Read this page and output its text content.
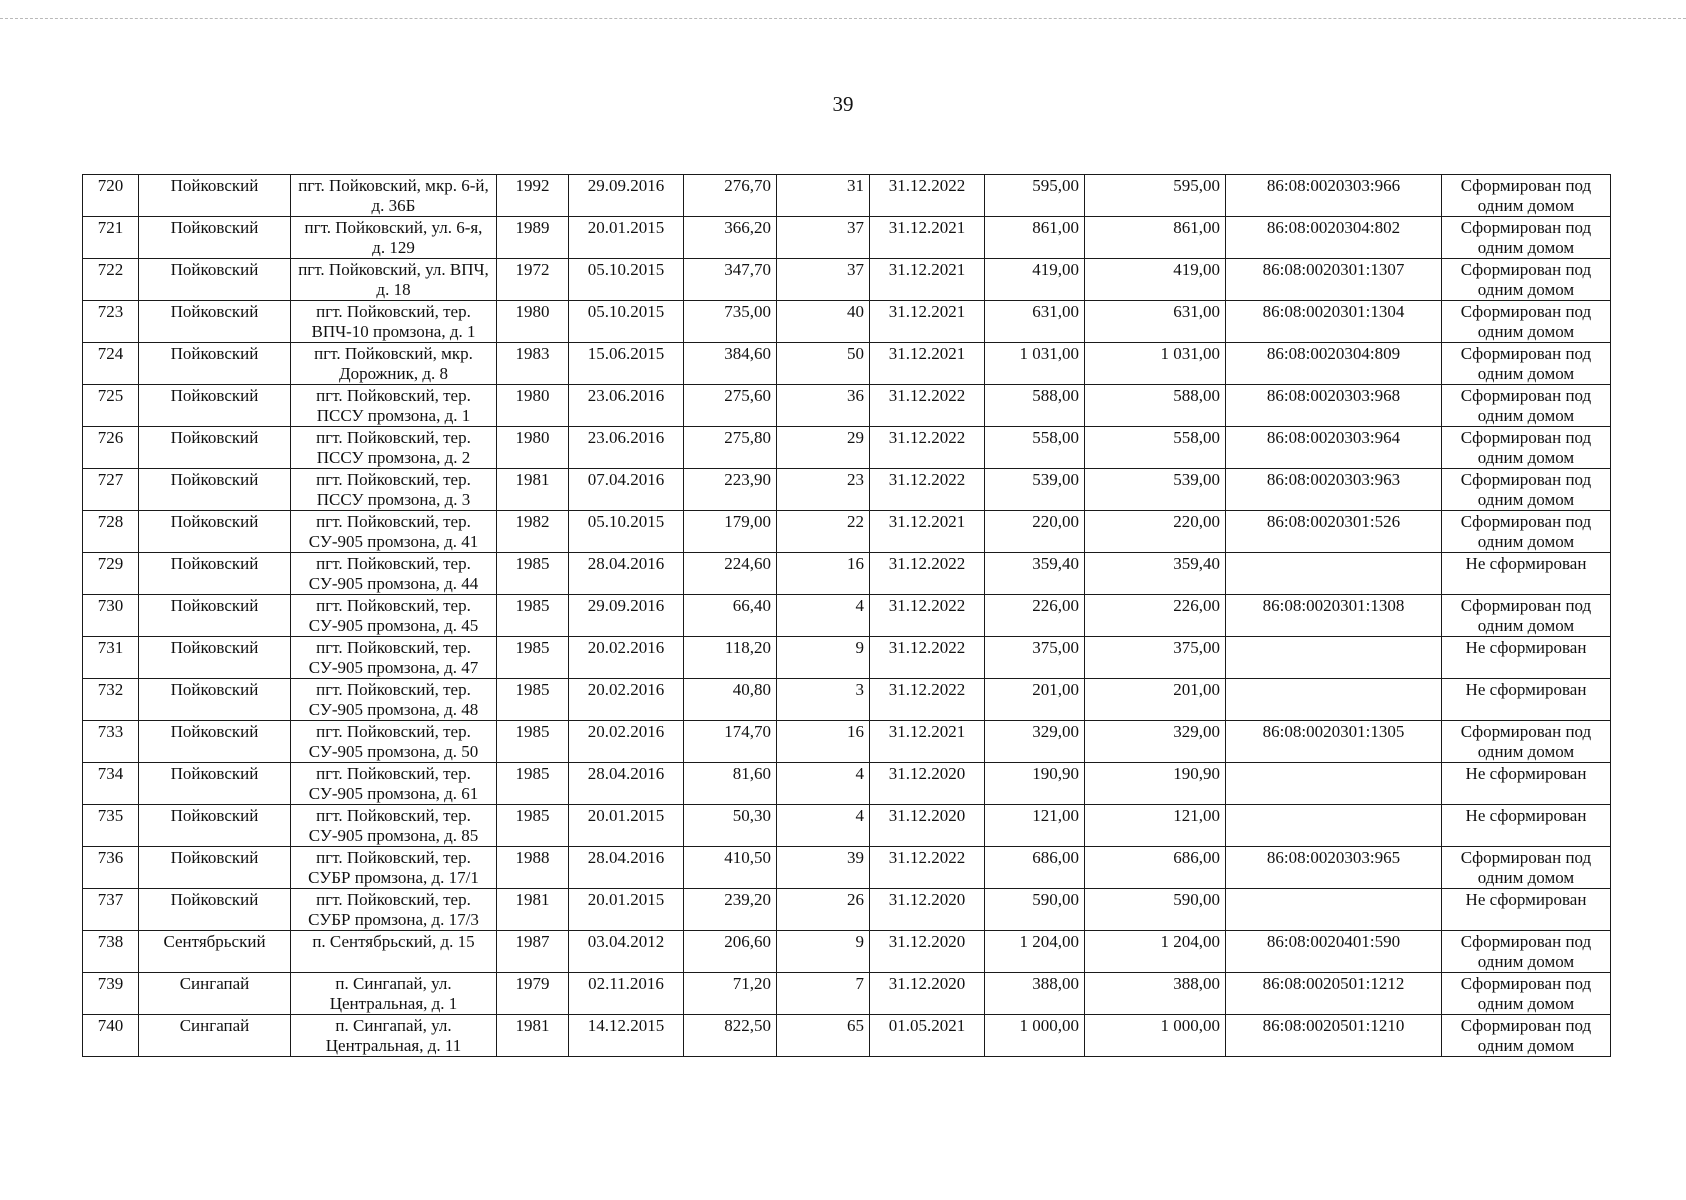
39
720	Пойковский	пгт. Пойковский, мкр. 6-й, д. 36Б	1992	29.09.2016	276,70	31	31.12.2022	595,00	595,00	86:08:0020303:966	Сформирован под одним домом
721	Пойковский	пгт. Пойковский, ул. 6-я, д. 129	1989	20.01.2015	366,20	37	31.12.2021	861,00	861,00	86:08:0020304:802	Сформирован под одним домом
722	Пойковский	пгт. Пойковский, ул. ВПЧ, д. 18	1972	05.10.2015	347,70	37	31.12.2021	419,00	419,00	86:08:0020301:1307	Сформирован под одним домом
723	Пойковский	пгт. Пойковский, тер. ВПЧ-10 промзона, д. 1	1980	05.10.2015	735,00	40	31.12.2021	631,00	631,00	86:08:0020301:1304	Сформирован под одним домом
724	Пойковский	пгт. Пойковский, мкр. Дорожник, д. 8	1983	15.06.2015	384,60	50	31.12.2021	1 031,00	1 031,00	86:08:0020304:809	Сформирован под одним домом
725	Пойковский	пгт. Пойковский, тер. ПССУ промзона, д. 1	1980	23.06.2016	275,60	36	31.12.2022	588,00	588,00	86:08:0020303:968	Сформирован под одним домом
726	Пойковский	пгт. Пойковский, тер. ПССУ промзона, д. 2	1980	23.06.2016	275,80	29	31.12.2022	558,00	558,00	86:08:0020303:964	Сформирован под одним домом
727	Пойковский	пгт. Пойковский, тер. ПССУ промзона, д. 3	1981	07.04.2016	223,90	23	31.12.2022	539,00	539,00	86:08:0020303:963	Сформирован под одним домом
728	Пойковский	пгт. Пойковский, тер. СУ-905 промзона, д. 41	1982	05.10.2015	179,00	22	31.12.2021	220,00	220,00	86:08:0020301:526	Сформирован под одним домом
729	Пойковский	пгт. Пойковский, тер. СУ-905 промзона, д. 44	1985	28.04.2016	224,60	16	31.12.2022	359,40	359,40		Не сформирован
730	Пойковский	пгт. Пойковский, тер. СУ-905 промзона, д. 45	1985	29.09.2016	66,40	4	31.12.2022	226,00	226,00	86:08:0020301:1308	Сформирован под одним домом
731	Пойковский	пгт. Пойковский, тер. СУ-905 промзона, д. 47	1985	20.02.2016	118,20	9	31.12.2022	375,00	375,00		Не сформирован
732	Пойковский	пгт. Пойковский, тер. СУ-905 промзона, д. 48	1985	20.02.2016	40,80	3	31.12.2022	201,00	201,00		Не сформирован
733	Пойковский	пгт. Пойковский, тер. СУ-905 промзона, д. 50	1985	20.02.2016	174,70	16	31.12.2021	329,00	329,00	86:08:0020301:1305	Сформирован под одним домом
734	Пойковский	пгт. Пойковский, тер. СУ-905 промзона, д. 61	1985	28.04.2016	81,60	4	31.12.2020	190,90	190,90		Не сформирован
735	Пойковский	пгт. Пойковский, тер. СУ-905 промзона, д. 85	1985	20.01.2015	50,30	4	31.12.2020	121,00	121,00		Не сформирован
736	Пойковский	пгт. Пойковский, тер. СУБР промзона, д. 17/1	1988	28.04.2016	410,50	39	31.12.2022	686,00	686,00	86:08:0020303:965	Сформирован под одним домом
737	Пойковский	пгт. Пойковский, тер. СУБР промзона, д. 17/3	1981	20.01.2015	239,20	26	31.12.2020	590,00	590,00		Не сформирован
738	Сентябрьский	п. Сентябрьский, д. 15	1987	03.04.2012	206,60	9	31.12.2020	1 204,00	1 204,00	86:08:0020401:590	Сформирован под одним домом
739	Сингапай	п. Сингапай, ул. Центральная, д. 1	1979	02.11.2016	71,20	7	31.12.2020	388,00	388,00	86:08:0020501:1212	Сформирован под одним домом
740	Сингапай	п. Сингапай, ул. Центральная, д. 11	1981	14.12.2015	822,50	65	01.05.2021	1 000,00	1 000,00	86:08:0020501:1210	Сформирован под одним домом
